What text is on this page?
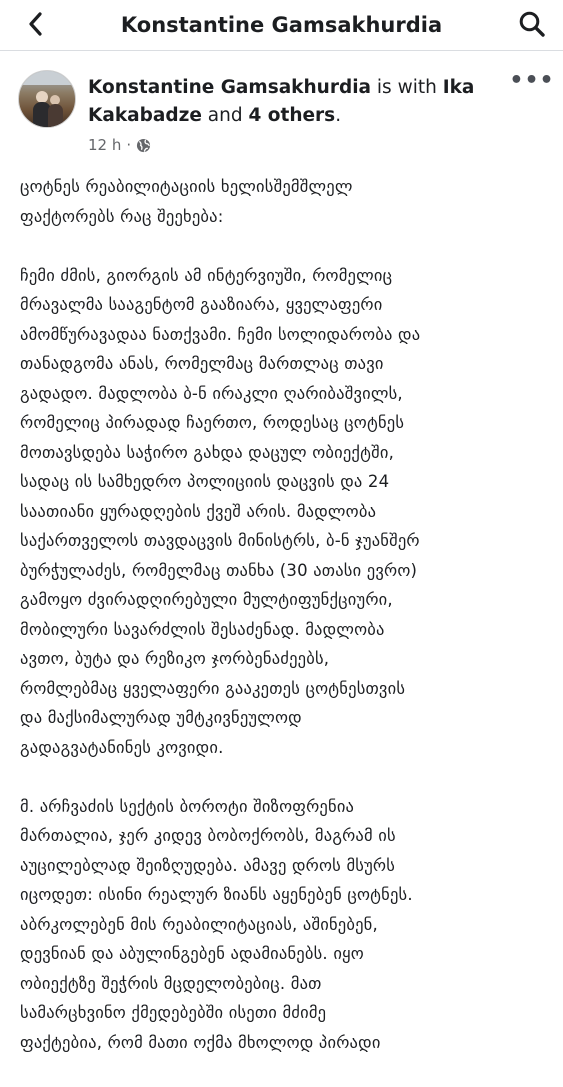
Konstantine Gamsakhurdia
Konstantine Gamsakhurdia is with Ika Kakabadze and 4 others.
•••
12 h ·

ცოტნეს რეაბილიტაციის ხელისშემშლელ
ფაქტორებს რაც შეეხება:

ჩემი ძმის, გიორგის ამ ინტერვიუში, რომელიც
მრავალმა სააგენტომ გააზიარა, ყველაფერი
ამომწურავადაა ნათქვამი. ჩემი სოლიდარობა და
თანადგომა ანას, რომელმაც მართლაც თავი
გადადო. მადლობა ბ-ნ ირაკლი ღარიბაშვილს,
რომელიც პირადად ჩაერთო, როდესაც ცოტნეს
მოთავსდება საჭირო გახდა დაცულ ობიექტში,
სადაც ის სამხედრო პოლიციის დაცვის და 24
საათიანი ყურადღების ქვეშ არის. მადლობა
საქართველოს თავდაცვის მინისტრს, ბ-ნ ჯუანშერ
ბურჭულაძეს, რომელმაც თანხა (30 ათასი ევრო)
გამოყო ძვირადღირებული მულტიფუნქციური,
მობილური სავარძლის შესაძენად. მადლობა
ავთო, ბუტა და რეზიკო ჯორბენაძეებს,
რომლებმაც ყველაფერი გააკეთეს ცოტნესთვის
და მაქსიმალურად უმტკივნეულოდ
გადაგვატანინეს კოვიდი.

მ. არჩვაძის სექტის ბოროტი შიზოფრენია
მართალია, ჯერ კიდევ ბობოქრობს, მაგრამ ის
აუცილებლად შეიზღუდება. ამავე დროს მსურს
იცოდეთ: ისინი რეალურ ზიანს აყენებენ ცოტნეს.
აბრკოლებენ მის რეაბილიტაციას, აშინებენ,
დევნიან და აბულინგებენ ადამიანებს. იყო
ობიექტზე შეჭრის მცდელობებიც. მათ
სამარცხვინო ქმედებებში ისეთი მძიმე
ფაქტებია, რომ მათი ოქმა მხოლოდ პირადი
